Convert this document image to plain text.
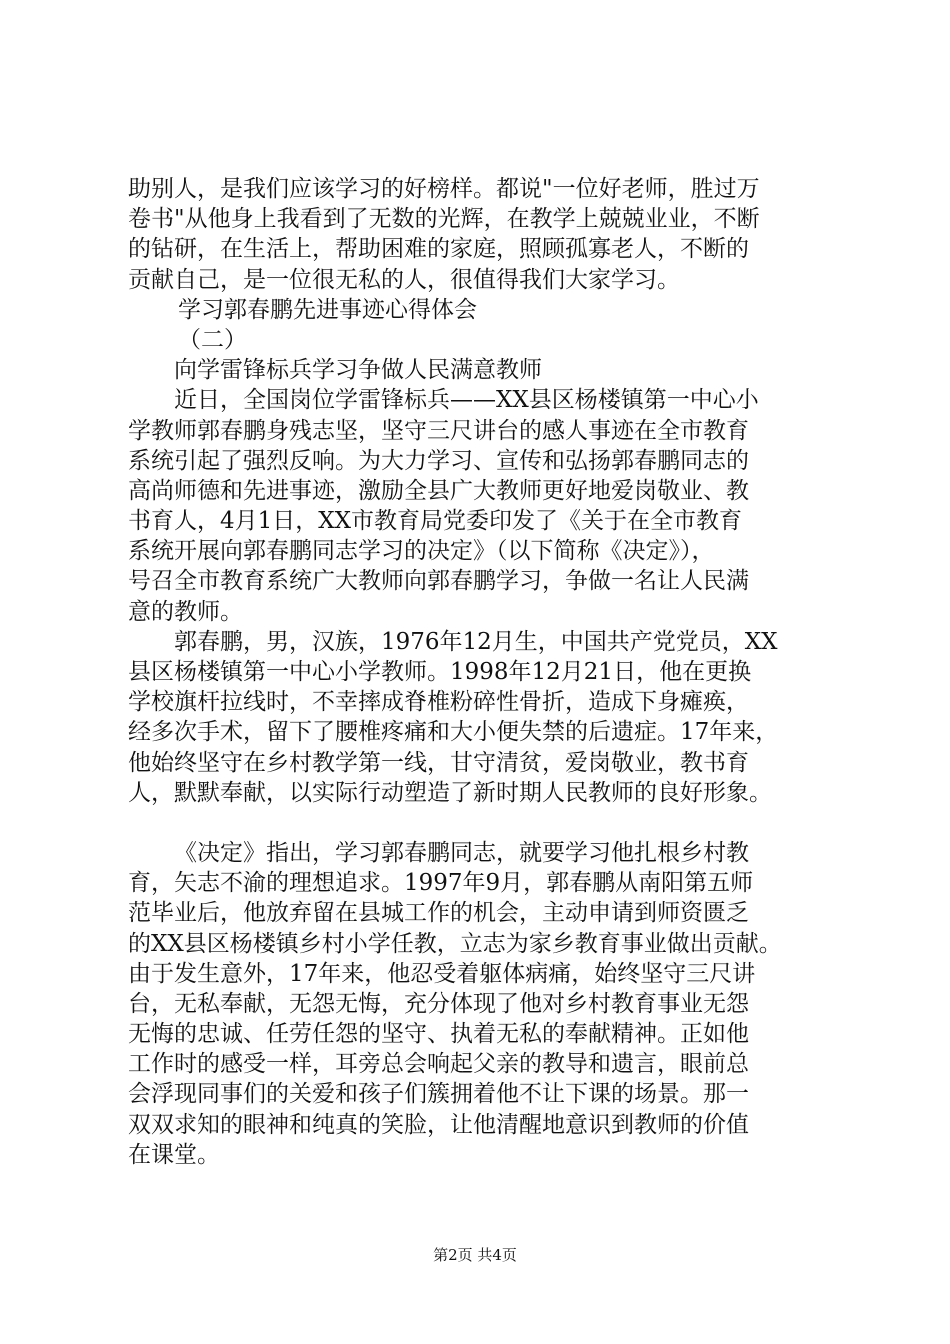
助别人，是我们应该学习的好榜样。都说"一位好老师，胜过万
卷书"从他身上我看到了无数的光辉，在教学上兢兢业业，不断
的钻研，在生活上，帮助困难的家庭，照顾孤寡老人，不断的
贡献自己，是一位很无私的人，很值得我们大家学习。
学习郭春鹏先进事迹心得体会
（二）
向学雷锋标兵学习争做人民满意教师
近日，全国岗位学雷锋标兵——XX县区杨楼镇第一中心小
学教师郭春鹏身残志坚，坚守三尺讲台的感人事迹在全市教育
系统引起了强烈反响。为大力学习、宣传和弘扬郭春鹏同志的
高尚师德和先进事迹，激励全县广大教师更好地爱岗敬业、教
书育人，4月1日，XX市教育局党委印发了《关于在全市教育
系统开展向郭春鹏同志学习的决定》（以下简称《决定》），
号召全市教育系统广大教师向郭春鹏学习，争做一名让人民满
意的教师。
郭春鹏，男，汉族，1976年12月生，中国共产党党员，XX
县区杨楼镇第一中心小学教师。1998年12月21日，他在更换
学校旗杆拉线时，不幸摔成脊椎粉碎性骨折，造成下身瘫痪，
经多次手术，留下了腰椎疼痛和大小便失禁的后遗症。17年来，
他始终坚守在乡村教学第一线，甘守清贫，爱岗敬业，教书育
人，默默奉献，以实际行动塑造了新时期人民教师的良好形象。
《决定》指出，学习郭春鹏同志，就要学习他扎根乡村教
育，矢志不渝的理想追求。1997年9月，郭春鹏从南阳第五师
范毕业后，他放弃留在县城工作的机会，主动申请到师资匮乏
的XX县区杨楼镇乡村小学任教，立志为家乡教育事业做出贡献。
由于发生意外，17年来，他忍受着躯体病痛，始终坚守三尺讲
台，无私奉献，无怨无悔，充分体现了他对乡村教育事业无怨
无悔的忠诚、任劳任怨的坚守、执着无私的奉献精神。正如他
工作时的感受一样，耳旁总会响起父亲的教导和遗言，眼前总
会浮现同事们的关爱和孩子们簇拥着他不让下课的场景。那一
双双求知的眼神和纯真的笑脸，让他清醒地意识到教师的价值
在课堂。
第2页 共4页
